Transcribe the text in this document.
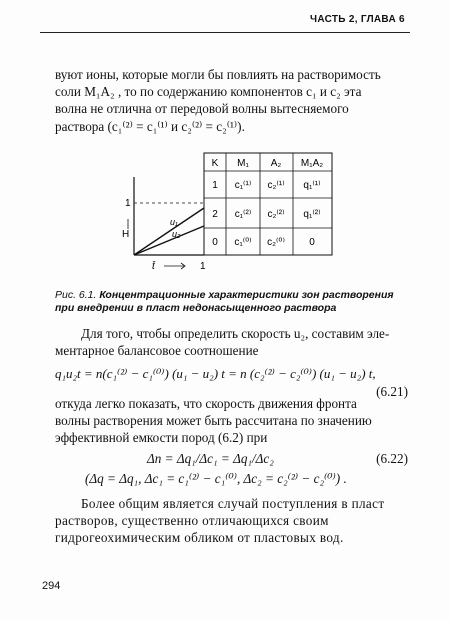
ЧАСТЬ 2, ГЛАВА 6
вуют ионы, которые могли бы повлиять на растворимость
соли M₁A₂ , то по содержанию компонентов c₁ и c₂ эта
волна не отлична от передовой волны вытесняемого
раствора (c₁⁽²⁾ = c₁⁽¹⁾ и c₂⁽²⁾ = c₂⁽¹⁾).
u₁
u₂
1
H
t̄	1
K M₁ A₂ M₁A₂
1 c₁⁽¹⁾ c₂⁽¹⁾ q₁⁽¹⁾
2 c₁⁽²⁾ c₂⁽²⁾ q₁⁽²⁾
0 c₁⁽⁰⁾ c₂⁽⁰⁾ 0
Рис. 6.1. Концентрационные характеристики зон растворения при внедрении в пласт недонасыщенного раствора
Для того, чтобы определить скорость u₂, составим эле-
ментарное балансовое соотношение
q₁u₂t = n(c₁⁽²⁾ − c₁⁽⁰⁾) (u₁ − u₂) t = n (c₂⁽²⁾ − c₂⁽⁰⁾) (u₁ − u₂) t,
(6.21)
откуда легко показать, что скорость движения фронта
волны растворения может быть рассчитана по значению
эффективной емкости пород (6.2) при
Δn = Δq₁/Δc₁ = Δq₁/Δc₂	(6.22)
(Δq = Δq₁, Δc₁ = c₁⁽²⁾ − c₁⁽⁰⁾, Δc₂ = c₂⁽²⁾ − c₂⁽⁰⁾) .
Более общим является случай поступления в пласт
растворов, существенно отличающихся своим
гидрогеохимическим обликом от пластовых вод.
294
